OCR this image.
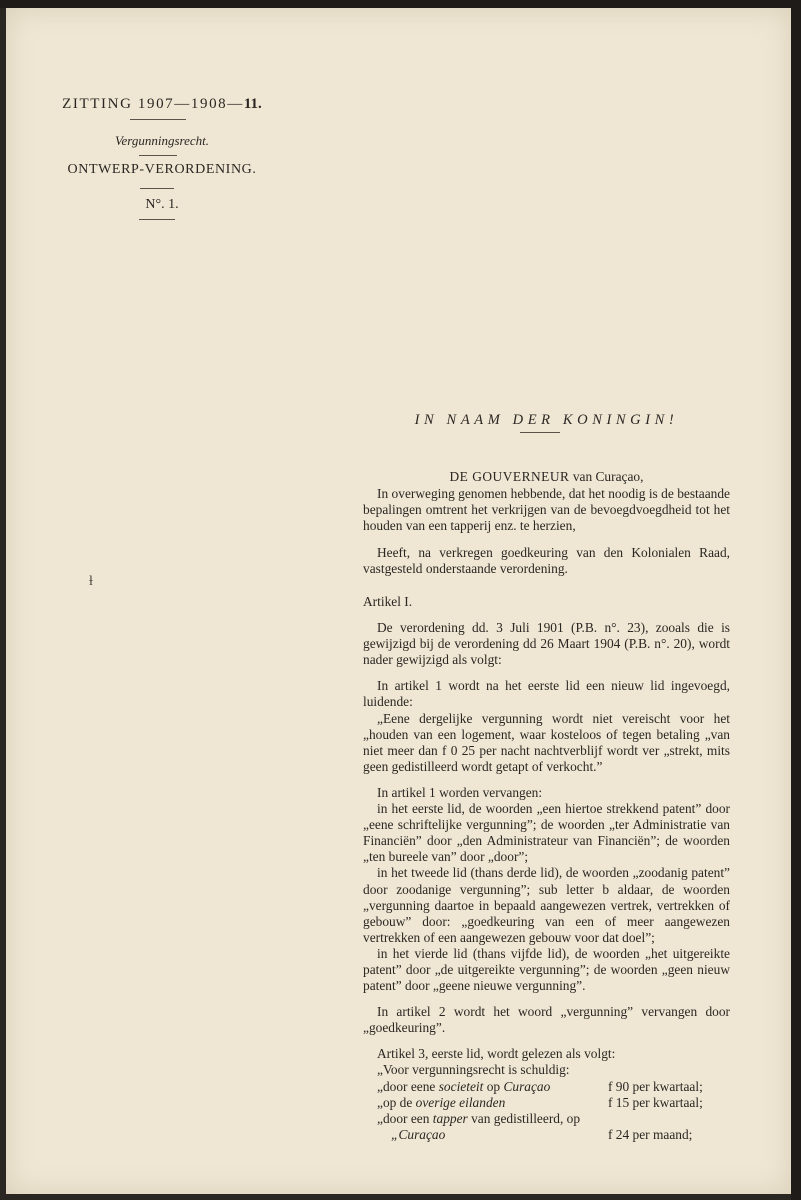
ZITTING 1907—1908—11.
Vergunningsrecht.
ONTWERP-VERORDENING.
N°. 1.
ƚ
IN NAAM DER KONINGIN!
DE GOUVERNEUR van Curaçao,

In overweging genomen hebbende, dat het noodig is de bestaande bepalingen omtrent het verkrijgen van de bevoegdvoegdheid tot het houden van een tapperij enz. te herzien,

Heeft, na verkregen goedkeuring van den Kolonialen Raad, vastgesteld onderstaande verordening.

Artikel I.

De verordening dd. 3 Juli 1901 (P.B. n°. 23), zooals die is gewijzigd bij de verordening dd 26 Maart 1904 (P.B. n°. 20), wordt nader gewijzigd als volgt:

In artikel 1 wordt na het eerste lid een nieuw lid ingevoegd, luidende:

„Eene dergelijke vergunning wordt niet vereischt voor het „houden van een logement, waar kosteloos of tegen betaling „van niet meer dan f 0 25 per nacht nachtverblijf wordt ver „strekt, mits geen gedistilleerd wordt getapt of verkocht.”

In artikel 1 worden vervangen:

in het eerste lid, de woorden „een hiertoe strekkend patent” door „eene schriftelijke vergunning”; de woorden „ter Administratie van Financiën” door „den Administrateur van Financiën”; de woorden „ten bureele van” door „door”;

in het tweede lid (thans derde lid), de woorden „zoodanig patent” door zoodanige vergunning”; sub letter b aldaar, de woorden „vergunning daartoe in bepaald aangewezen vertrek, vertrekken of gebouw” door: „goedkeuring van een of meer aangewezen vertrekken of een aangewezen gebouw voor dat doel”;

in het vierde lid (thans vijfde lid), de woorden „het uitgereikte patent” door „de uitgereikte vergunning”; de woorden „geen nieuw patent” door „geene nieuwe vergunning”.

In artikel 2 wordt het woord „vergunning” vervangen door „goedkeuring”.

Artikel 3, eerste lid, wordt gelezen als volgt:

„Voor vergunningsrecht is schuldig:

„door eene societeit op Curaçao	f 90 per kwartaal;
„op de overige eilanden	f 15 per kwartaal;

„door een tapper van gedistilleerd, op

„Curaçao	f 24 per maand;
